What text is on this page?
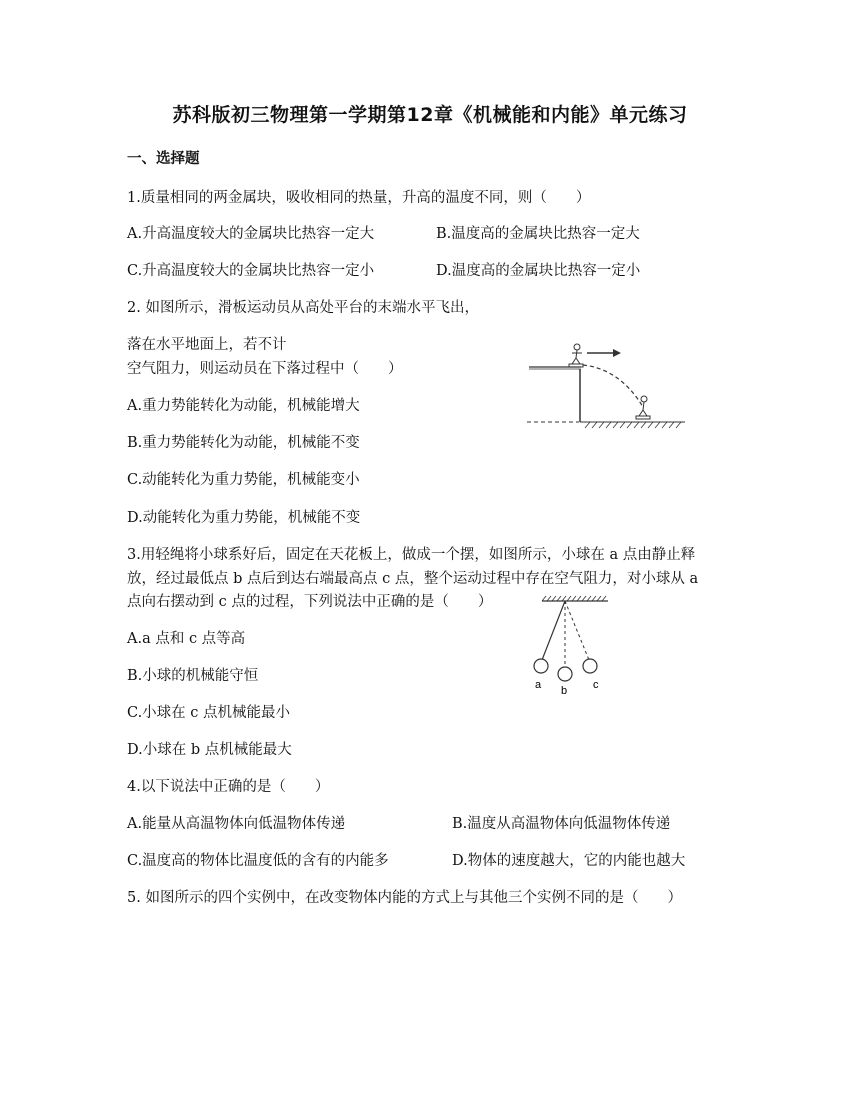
苏科版初三物理第一学期第12章《机械能和内能》单元练习
一、选择题
1.质量相同的两金属块，吸收相同的热量，升高的温度不同，则（　　）
A.升高温度较大的金属块比热容一定大	B.温度高的金属块比热容一定大
C.升高温度较大的金属块比热容一定小	D.温度高的金属块比热容一定小
2. 如图所示，滑板运动员从高处平台的末端水平飞出，
落在水平地面上，若不计
空气阻力，则运动员在下落过程中（　　）
A.重力势能转化为动能，机械能增大
B.重力势能转化为动能，机械能不变
C.动能转化为重力势能，机械能变小
D.动能转化为重力势能，机械能不变
3.用轻绳将小球系好后，固定在天花板上，做成一个摆，如图所示，小球在 a 点由静止释
放，经过最低点 b 点后到达右端最高点 c 点，整个运动过程中存在空气阻力，对小球从 a
点向右摆动到 c 点的过程，下列说法中正确的是（　　）
A.a 点和 c 点等高
B.小球的机械能守恒
C.小球在 c 点机械能最小
D.小球在 b 点机械能最大
a b c
4.以下说法中正确的是（　　）
A.能量从高温物体向低温物体传递	B.温度从高温物体向低温物体传递
C.温度高的物体比温度低的含有的内能多	D.物体的速度越大，它的内能也越大
5. 如图所示的四个实例中，在改变物体内能的方式上与其他三个实例不同的是（　　）
